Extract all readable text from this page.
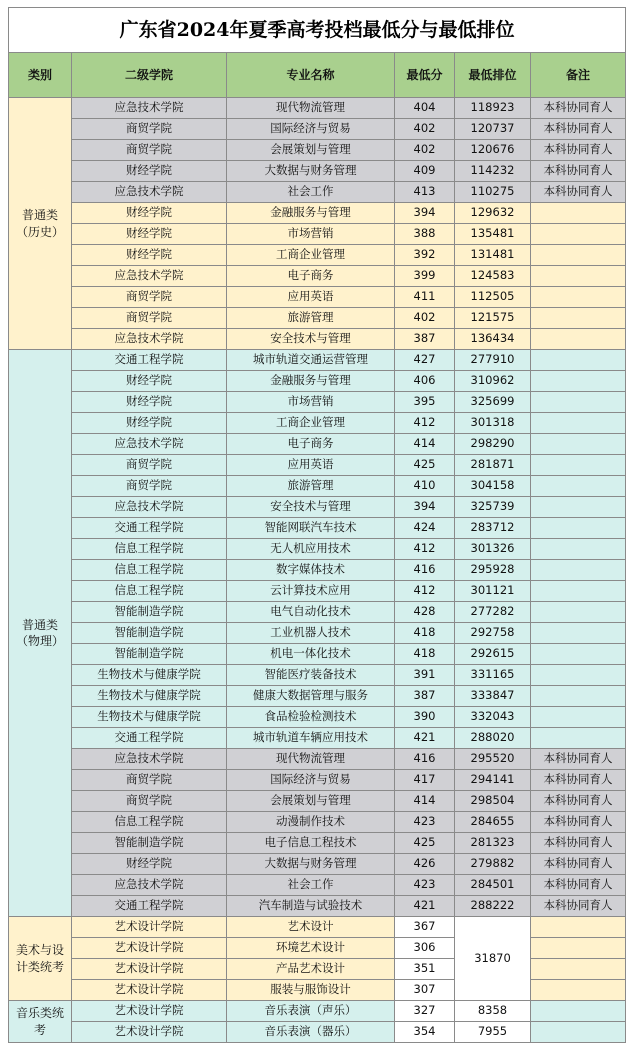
广东省2024年夏季高考投档最低分与最低排位					
类别	二级学院	专业名称	最低分	最低排位	备注
普通类
（历史）	应急技术学院	现代物流管理	404	118923	本科协同育人
	商贸学院	国际经济与贸易	402	120737	本科协同育人
	商贸学院	会展策划与管理	402	120676	本科协同育人
	财经学院	大数据与财务管理	409	114232	本科协同育人
	应急技术学院	社会工作	413	110275	本科协同育人
	财经学院	金融服务与管理	394	129632	
	财经学院	市场营销	388	135481	
	财经学院	工商企业管理	392	131481	
	应急技术学院	电子商务	399	124583	
	商贸学院	应用英语	411	112505	
	商贸学院	旅游管理	402	121575	
	应急技术学院	安全技术与管理	387	136434	
普通类
（物理）	交通工程学院	城市轨道交通运营管理	427	277910	
	财经学院	金融服务与管理	406	310962	
	财经学院	市场营销	395	325699	
	财经学院	工商企业管理	412	301318	
	应急技术学院	电子商务	414	298290	
	商贸学院	应用英语	425	281871	
	商贸学院	旅游管理	410	304158	
	应急技术学院	安全技术与管理	394	325739	
	交通工程学院	智能网联汽车技术	424	283712	
	信息工程学院	无人机应用技术	412	301326	
	信息工程学院	数字媒体技术	416	295928	
	信息工程学院	云计算技术应用	412	301121	
	智能制造学院	电气自动化技术	428	277282	
	智能制造学院	工业机器人技术	418	292758	
	智能制造学院	机电一体化技术	418	292615	
	生物技术与健康学院	智能医疗装备技术	391	331165	
	生物技术与健康学院	健康大数据管理与服务	387	333847	
	生物技术与健康学院	食品检验检测技术	390	332043	
	交通工程学院	城市轨道车辆应用技术	421	288020	
	应急技术学院	现代物流管理	416	295520	本科协同育人
	商贸学院	国际经济与贸易	417	294141	本科协同育人
	商贸学院	会展策划与管理	414	298504	本科协同育人
	信息工程学院	动漫制作技术	423	284655	本科协同育人
	智能制造学院	电子信息工程技术	425	281323	本科协同育人
	财经学院	大数据与财务管理	426	279882	本科协同育人
	应急技术学院	社会工作	423	284501	本科协同育人
	交通工程学院	汽车制造与试验技术	421	288222	本科协同育人
美术与设
计类统考	艺术设计学院	艺术设计	367	31870	
	艺术设计学院	环境艺术设计	306		
	艺术设计学院	产品艺术设计	351		
	艺术设计学院	服装与服饰设计	307		
音乐类统
考	艺术设计学院	音乐表演（声乐）	327	8358	
	艺术设计学院	音乐表演（器乐）	354	7955	
